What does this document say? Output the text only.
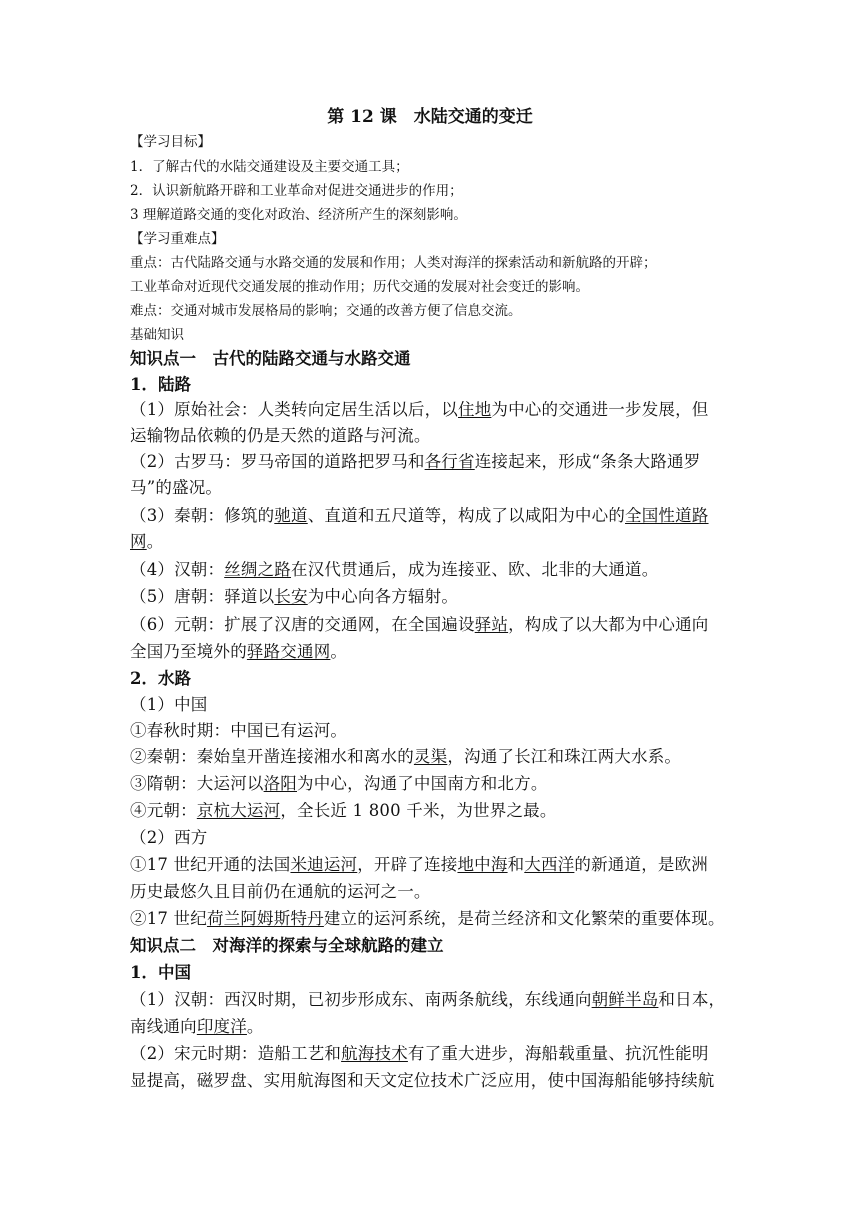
第 12 课　水陆交通的变迁
【学习目标】
1．了解古代的水陆交通建设及主要交通工具；
2．认识新航路开辟和工业革命对促进交通进步的作用；
3 理解道路交通的变化对政治、经济所产生的深刻影响。
【学习重难点】
重点：古代陆路交通与水路交通的发展和作用；人类对海洋的探索活动和新航路的开辟；
工业革命对近现代交通发展的推动作用；历代交通的发展对社会变迁的影响。
难点：交通对城市发展格局的影响；交通的改善方便了信息交流。
基础知识
知识点一　古代的陆路交通与水路交通
1．陆路
（1）原始社会：人类转向定居生活以后，以住地为中心的交通进一步发展，但
运输物品依赖的仍是天然的道路与河流。
（2）古罗马：罗马帝国的道路把罗马和各行省连接起来，形成“条条大路通罗
马”的盛况。
（3）秦朝：修筑的驰道、直道和五尺道等，构成了以咸阳为中心的全国性道路
网。
（4）汉朝：丝绸之路在汉代贯通后，成为连接亚、欧、北非的大通道。
（5）唐朝：驿道以长安为中心向各方辐射。
（6）元朝：扩展了汉唐的交通网，在全国遍设驿站，构成了以大都为中心通向
全国乃至境外的驿路交通网。
2．水路
（1）中国
①春秋时期：中国已有运河。
②秦朝：秦始皇开凿连接湘水和离水的灵渠，沟通了长江和珠江两大水系。
③隋朝：大运河以洛阳为中心，沟通了中国南方和北方。
④元朝：京杭大运河，全长近 1 800 千米，为世界之最。
（2）西方
①17 世纪开通的法国米迪运河，开辟了连接地中海和大西洋的新通道，是欧洲
历史最悠久且目前仍在通航的运河之一。
②17 世纪荷兰阿姆斯特丹建立的运河系统，是荷兰经济和文化繁荣的重要体现。
知识点二　对海洋的探索与全球航路的建立
1．中国
（1）汉朝：西汉时期，已初步形成东、南两条航线，东线通向朝鲜半岛和日本，
南线通向印度洋。
（2）宋元时期：造船工艺和航海技术有了重大进步，海船载重量、抗沉性能明
显提高，磁罗盘、实用航海图和天文定位技术广泛应用，使中国海船能够持续航
